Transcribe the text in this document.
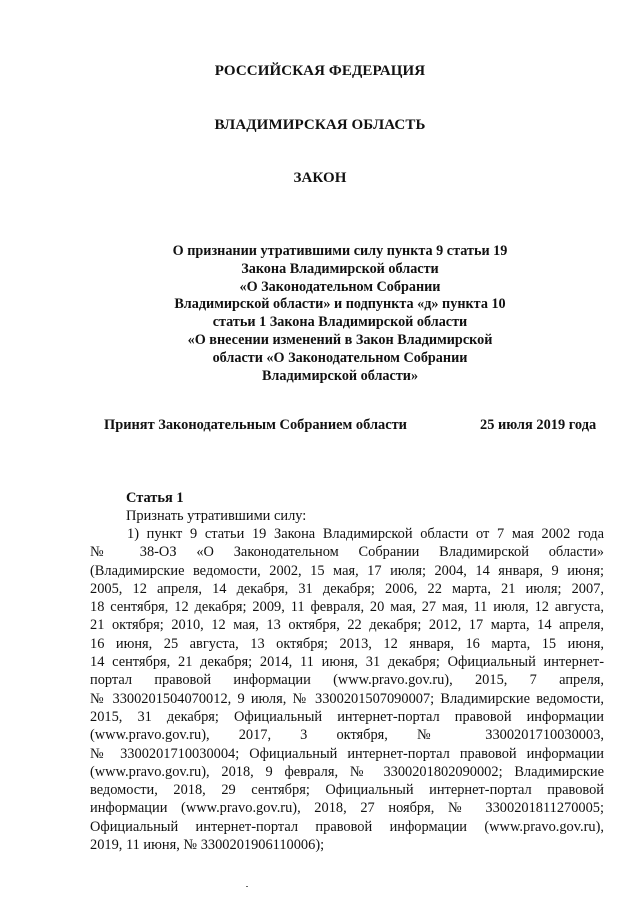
РОССИЙСКАЯ ФЕДЕРАЦИЯ
ВЛАДИМИРСКАЯ ОБЛАСТЬ
ЗАКОН
О признании утратившими силу пункта 9 статьи 19
Закона Владимирской области
«О Законодательном Собрании
Владимирской области» и подпункта «д» пункта 10
статьи 1 Закона Владимирской области
«О внесении изменений в Закон Владимирской
области «О Законодательном Собрании
Владимирской области»
Принят Законодательным Собранием области	25 июля 2019 года
Статья 1
Признать утратившими силу:
1) пункт 9 статьи 19 Закона Владимирской области от 7 мая 2002 года
№ 38-ОЗ «О Законодательном Собрании Владимирской области»
(Владимирские ведомости, 2002, 15 мая, 17 июля; 2004, 14 января, 9 июня;
2005, 12 апреля, 14 декабря, 31 декабря; 2006, 22 марта, 21 июля; 2007,
18 сентября, 12 декабря; 2009, 11 февраля, 20 мая, 27 мая, 11 июля, 12 августа,
21 октября; 2010, 12 мая, 13 октября, 22 декабря; 2012, 17 марта, 14 апреля,
16 июня, 25 августа, 13 октября; 2013, 12 января, 16 марта, 15 июня,
14 сентября, 21 декабря; 2014, 11 июня, 31 декабря; Официальный интернет-
портал правовой информации (www.pravo.gov.ru), 2015, 7 апреля,
№ 3300201504070012, 9 июля, № 3300201507090007; Владимирские ведомости,
2015, 31 декабря; Официальный интернет-портал правовой информации
(www.pravo.gov.ru), 2017, 3 октября, № 3300201710030003,
№ 3300201710030004; Официальный интернет-портал правовой информации
(www.pravo.gov.ru), 2018, 9 февраля, № 3300201802090002; Владимирские
ведомости, 2018, 29 сентября; Официальный интернет-портал правовой
информации (www.pravo.gov.ru), 2018, 27 ноября, № 3300201811270005;
Официальный интернет-портал правовой информации (www.pravo.gov.ru),
2019, 11 июня, № 3300201906110006);
